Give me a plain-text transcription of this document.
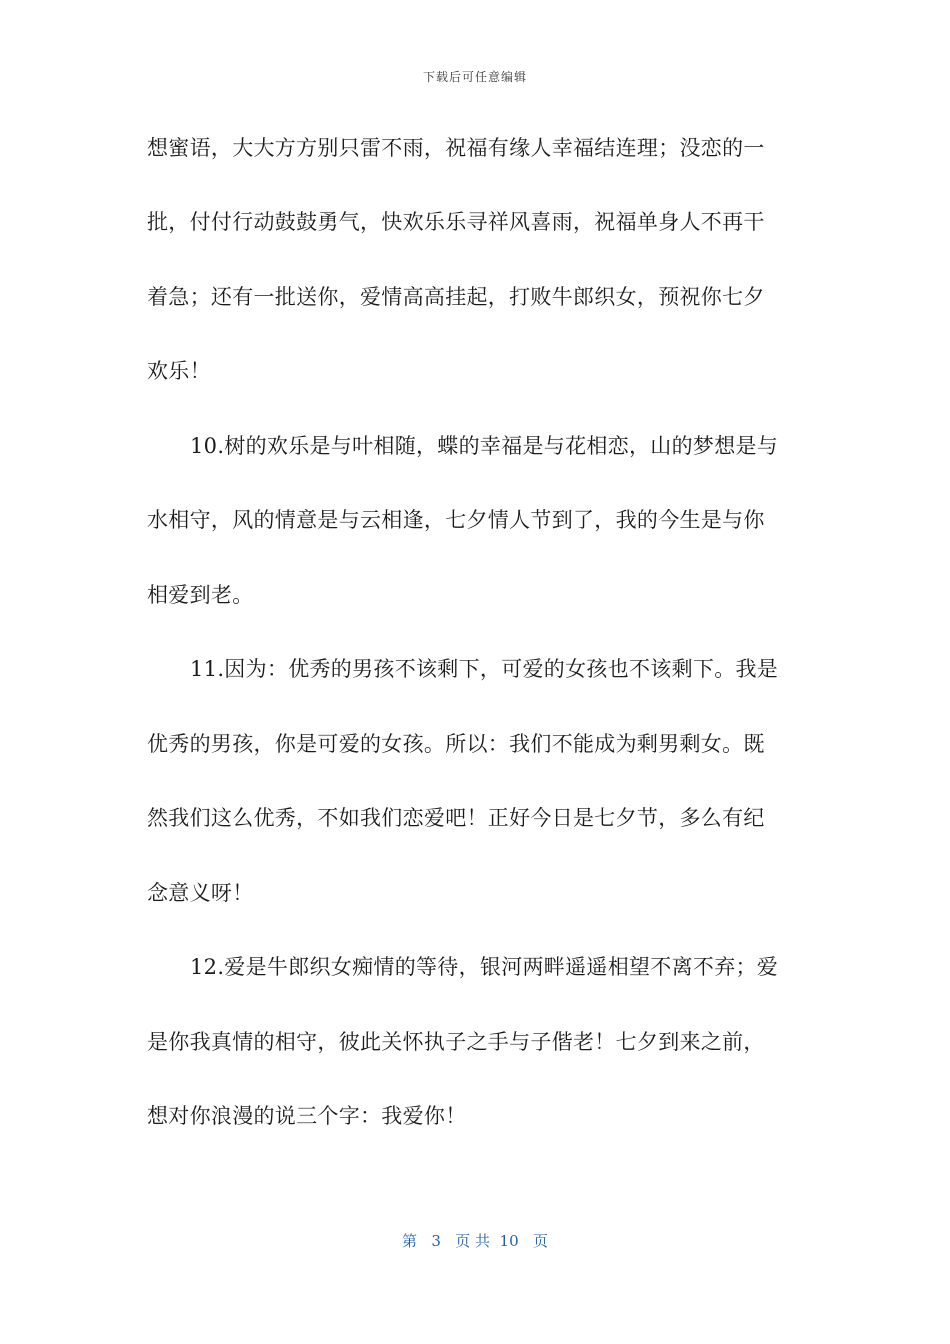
下载后可任意编辑
想蜜语，大大方方别只雷不雨，祝福有缘人幸福结连理；没恋的一
批，付付行动鼓鼓勇气，快欢乐乐寻祥风喜雨，祝福单身人不再干
着急；还有一批送你，爱情高高挂起，打败牛郎织女，预祝你七夕
欢乐！
10.树的欢乐是与叶相随，蝶的幸福是与花相恋，山的梦想是与
水相守，风的情意是与云相逢，七夕情人节到了，我的今生是与你
相爱到老。
11.因为：优秀的男孩不该剩下，可爱的女孩也不该剩下。我是
优秀的男孩，你是可爱的女孩。所以：我们不能成为剩男剩女。既
然我们这么优秀，不如我们恋爱吧！正好今日是七夕节，多么有纪
念意义呀！
12.爱是牛郎织女痴情的等待，银河两畔遥遥相望不离不弃；爱
是你我真情的相守，彼此关怀执子之手与子偕老！七夕到来之前，
想对你浪漫的说三个字：我爱你！
第 3 页 共 10 页
